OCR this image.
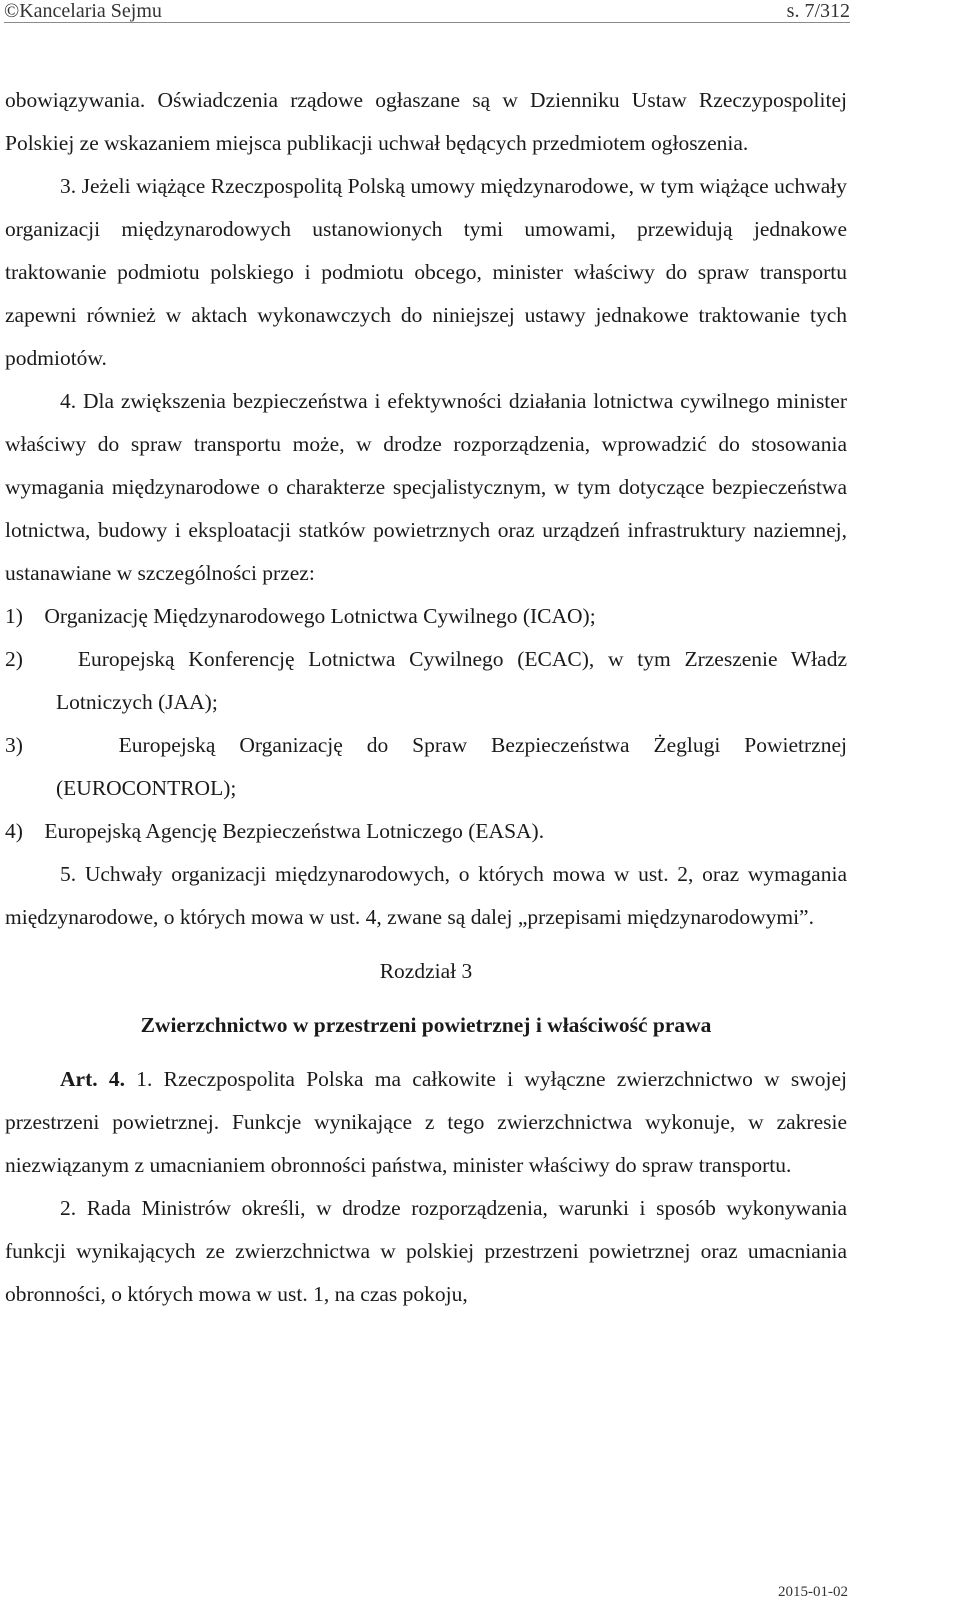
©Kancelaria Sejmu	s. 7/312

obowiązywania. Oświadczenia rządowe ogłaszane są w Dzienniku Ustaw Rzeczypospolitej Polskiej ze wskazaniem miejsca publikacji uchwał będących przedmiotem ogłoszenia.

3. Jeżeli wiążące Rzeczpospolitą Polską umowy międzynarodowe, w tym wiążące uchwały organizacji międzynarodowych ustanowionych tymi umowami, przewidują jednakowe traktowanie podmiotu polskiego i podmiotu obcego, minister właściwy do spraw transportu zapewni również w aktach wykonawczych do niniejszej ustawy jednakowe traktowanie tych podmiotów.

4. Dla zwiększenia bezpieczeństwa i efektywności działania lotnictwa cywilnego minister właściwy do spraw transportu może, w drodze rozporządzenia, wprowadzić do stosowania wymagania międzynarodowe o charakterze specjalistycznym, w tym dotyczące bezpieczeństwa lotnictwa, budowy i eksploatacji statków powietrznych oraz urządzeń infrastruktury naziemnej, ustanawiane w szczególności przez:

1)    Organizację Międzynarodowego Lotnictwa Cywilnego (ICAO);

2)    Europejską Konferencję Lotnictwa Cywilnego (ECAC), w tym Zrzeszenie Władz Lotniczych (JAA);

3)    Europejską Organizację do Spraw Bezpieczeństwa Żeglugi Powietrznej (EUROCONTROL);

4)    Europejską Agencję Bezpieczeństwa Lotniczego (EASA).

5. Uchwały organizacji międzynarodowych, o których mowa w ust. 2, oraz wymagania międzynarodowe, o których mowa w ust. 4, zwane są dalej „przepisami międzynarodowymi”.

Rozdział 3

Zwierzchnictwo w przestrzeni powietrznej i właściwość prawa

Art. 4. 1. Rzeczpospolita Polska ma całkowite i wyłączne zwierzchnictwo w swojej przestrzeni powietrznej. Funkcje wynikające z tego zwierzchnictwa wykonuje, w zakresie niezwiązanym z umacnianiem obronności państwa, minister właściwy do spraw transportu.

2. Rada Ministrów określi, w drodze rozporządzenia, warunki i sposób wykonywania funkcji wynikających ze zwierzchnictwa w polskiej przestrzeni powietrznej oraz umacniania obronności, o których mowa w ust. 1, na czas pokoju,

2015-01-02
